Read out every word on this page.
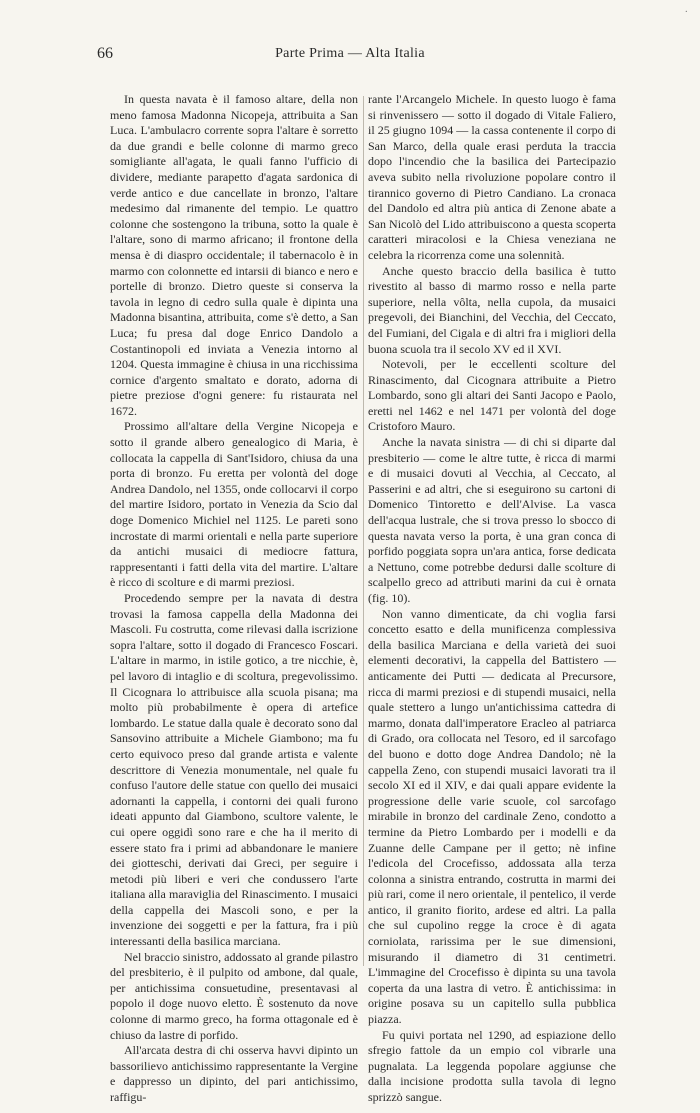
·
66	Parte Prima — Alta Italia

In questa navata è il famoso altare, della non meno famosa Madonna Nicopeja, attribuita a San Luca. L'ambulacro corrente sopra l'altare è sorretto da due grandi e belle colonne di marmo greco somigliante all'agata, le quali fanno l'ufficio di dividere, mediante parapetto d'agata sardonica di verde antico e due cancellate in bronzo, l'altare medesimo dal rimanente del tempio. Le quattro colonne che sostengono la tribuna, sotto la quale è l'altare, sono di marmo africano; il frontone della mensa è di diaspro occidentale; il tabernacolo è in marmo con colonnette ed intarsii di bianco e nero e portelle di bronzo. Dietro queste si conserva la tavola in legno di cedro sulla quale è dipinta una Madonna bisantina, attribuita, come s'è detto, a San Luca; fu presa dal doge Enrico Dandolo a Costantinopoli ed inviata a Venezia intorno al 1204. Questa immagine è chiusa in una ricchissima cornice d'argento smaltato e dorato, adorna di pietre preziose d'ogni genere: fu ristaurata nel 1672.

Prossimo all'altare della Vergine Nicopeja e sotto il grande albero genealogico di Maria, è collocata la cappella di Sant'Isidoro, chiusa da una porta di bronzo. Fu eretta per volontà del doge Andrea Dandolo, nel 1355, onde collocarvi il corpo del martire Isidoro, portato in Venezia da Scio dal doge Domenico Michiel nel 1125. Le pareti sono incrostate di marmi orientali e nella parte superiore da antichi musaici di mediocre fattura, rappresentanti i fatti della vita del martire. L'altare è ricco di scolture e di marmi preziosi.

Procedendo sempre per la navata di destra trovasi la famosa cappella della Madonna dei Mascoli. Fu costrutta, come rilevasi dalla iscrizione sopra l'altare, sotto il dogado di Francesco Foscari. L'altare in marmo, in istile gotico, a tre nicchie, è, pel lavoro di intaglio e di scoltura, pregevolissimo. Il Cicognara lo attribuisce alla scuola pisana; ma molto più probabilmente è opera di artefice lombardo. Le statue dalla quale è decorato sono dal Sansovino attribuite a Michele Giambono; ma fu certo equivoco preso dal grande artista e valente descrittore di Venezia monumentale, nel quale fu confuso l'autore delle statue con quello dei musaici adornanti la cappella, i contorni dei quali furono ideati appunto dal Giambono, scultore valente, le cui opere oggidì sono rare e che ha il merito di essere stato fra i primi ad abbandonare le maniere dei giotteschi, derivati dai Greci, per seguire i metodi più liberi e veri che condussero l'arte italiana alla maraviglia del Rinascimento. I musaici della cappella dei Mascoli sono, e per la invenzione dei soggetti e per la fattura, fra i più interessanti della basilica marciana.

Nel braccio sinistro, addossato al grande pilastro del presbiterio, è il pulpito od ambone, dal quale, per antichissima consuetudine, presentavasi al popolo il doge nuovo eletto. È sostenuto da nove colonne di marmo greco, ha forma ottagonale ed è chiuso da lastre di porfido.

All'arcata destra di chi osserva havvi dipinto un bassorilievo antichissimo rappresentante la Vergine e dappresso un dipinto, del pari antichissimo, raffigu-

rante l'Arcangelo Michele. In questo luogo è fama si rinvenissero — sotto il dogado di Vitale Faliero, il 25 giugno 1094 — la cassa contenente il corpo di San Marco, della quale erasi perduta la traccia dopo l'incendio che la basilica dei Partecipazio aveva subito nella rivoluzione popolare contro il tirannico governo di Pietro Candiano. La cronaca del Dandolo ed altra più antica di Zenone abate a San Nicolò del Lido attribuiscono a questa scoperta caratteri miracolosi e la Chiesa veneziana ne celebra la ricorrenza come una solennità.

Anche questo braccio della basilica è tutto rivestito al basso di marmo rosso e nella parte superiore, nella vôlta, nella cupola, da musaici pregevoli, dei Bianchini, del Vecchia, del Ceccato, del Fumiani, del Cigala e di altri fra i migliori della buona scuola tra il secolo XV ed il XVI.

Notevoli, per le eccellenti scolture del Rinascimento, dal Cicognara attribuite a Pietro Lombardo, sono gli altari dei Santi Jacopo e Paolo, eretti nel 1462 e nel 1471 per volontà del doge Cristoforo Mauro.

Anche la navata sinistra — di chi si diparte dal presbiterio — come le altre tutte, è ricca di marmi e di musaici dovuti al Vecchia, al Ceccato, al Passerini e ad altri, che si eseguirono su cartoni di Domenico Tintoretto e dell'Alvise. La vasca dell'acqua lustrale, che si trova presso lo sbocco di questa navata verso la porta, è una gran conca di porfido poggiata sopra un'ara antica, forse dedicata a Nettuno, come potrebbe dedursi dalle scolture di scalpello greco ad attributi marini da cui è ornata (fig. 10).

Non vanno dimenticate, da chi voglia farsi concetto esatto e della munificenza complessiva della basilica Marciana e della varietà dei suoi elementi decorativi, la cappella del Battistero — anticamente dei Putti — dedicata al Precursore, ricca di marmi preziosi e di stupendi musaici, nella quale stettero a lungo un'antichissima cattedra di marmo, donata dall'imperatore Eracleo al patriarca di Grado, ora collocata nel Tesoro, ed il sarcofago del buono e dotto doge Andrea Dandolo; nè la cappella Zeno, con stupendi musaici lavorati tra il secolo XI ed il XIV, e dai quali appare evidente la progressione delle varie scuole, col sarcofago mirabile in bronzo del cardinale Zeno, condotto a termine da Pietro Lombardo per i modelli e da Zuanne delle Campane per il getto; nè infine l'edicola del Crocefisso, addossata alla terza colonna a sinistra entrando, costrutta in marmi dei più rari, come il nero orientale, il pentelico, il verde antico, il granito fiorito, ardese ed altri. La palla che sul cupolino regge la croce è di agata corniolata, rarissima per le sue dimensioni, misurando il diametro di 31 centimetri. L'immagine del Crocefisso è dipinta su una tavola coperta da una lastra di vetro. È antichissima: in origine posava su un capitello sulla pubblica piazza.

Fu quivi portata nel 1290, ad espiazione dello sfregio fattole da un empio col vibrarle una pugnalata. La leggenda popolare aggiunse che dalla incisione prodotta sulla tavola di legno sprizzò sangue.
